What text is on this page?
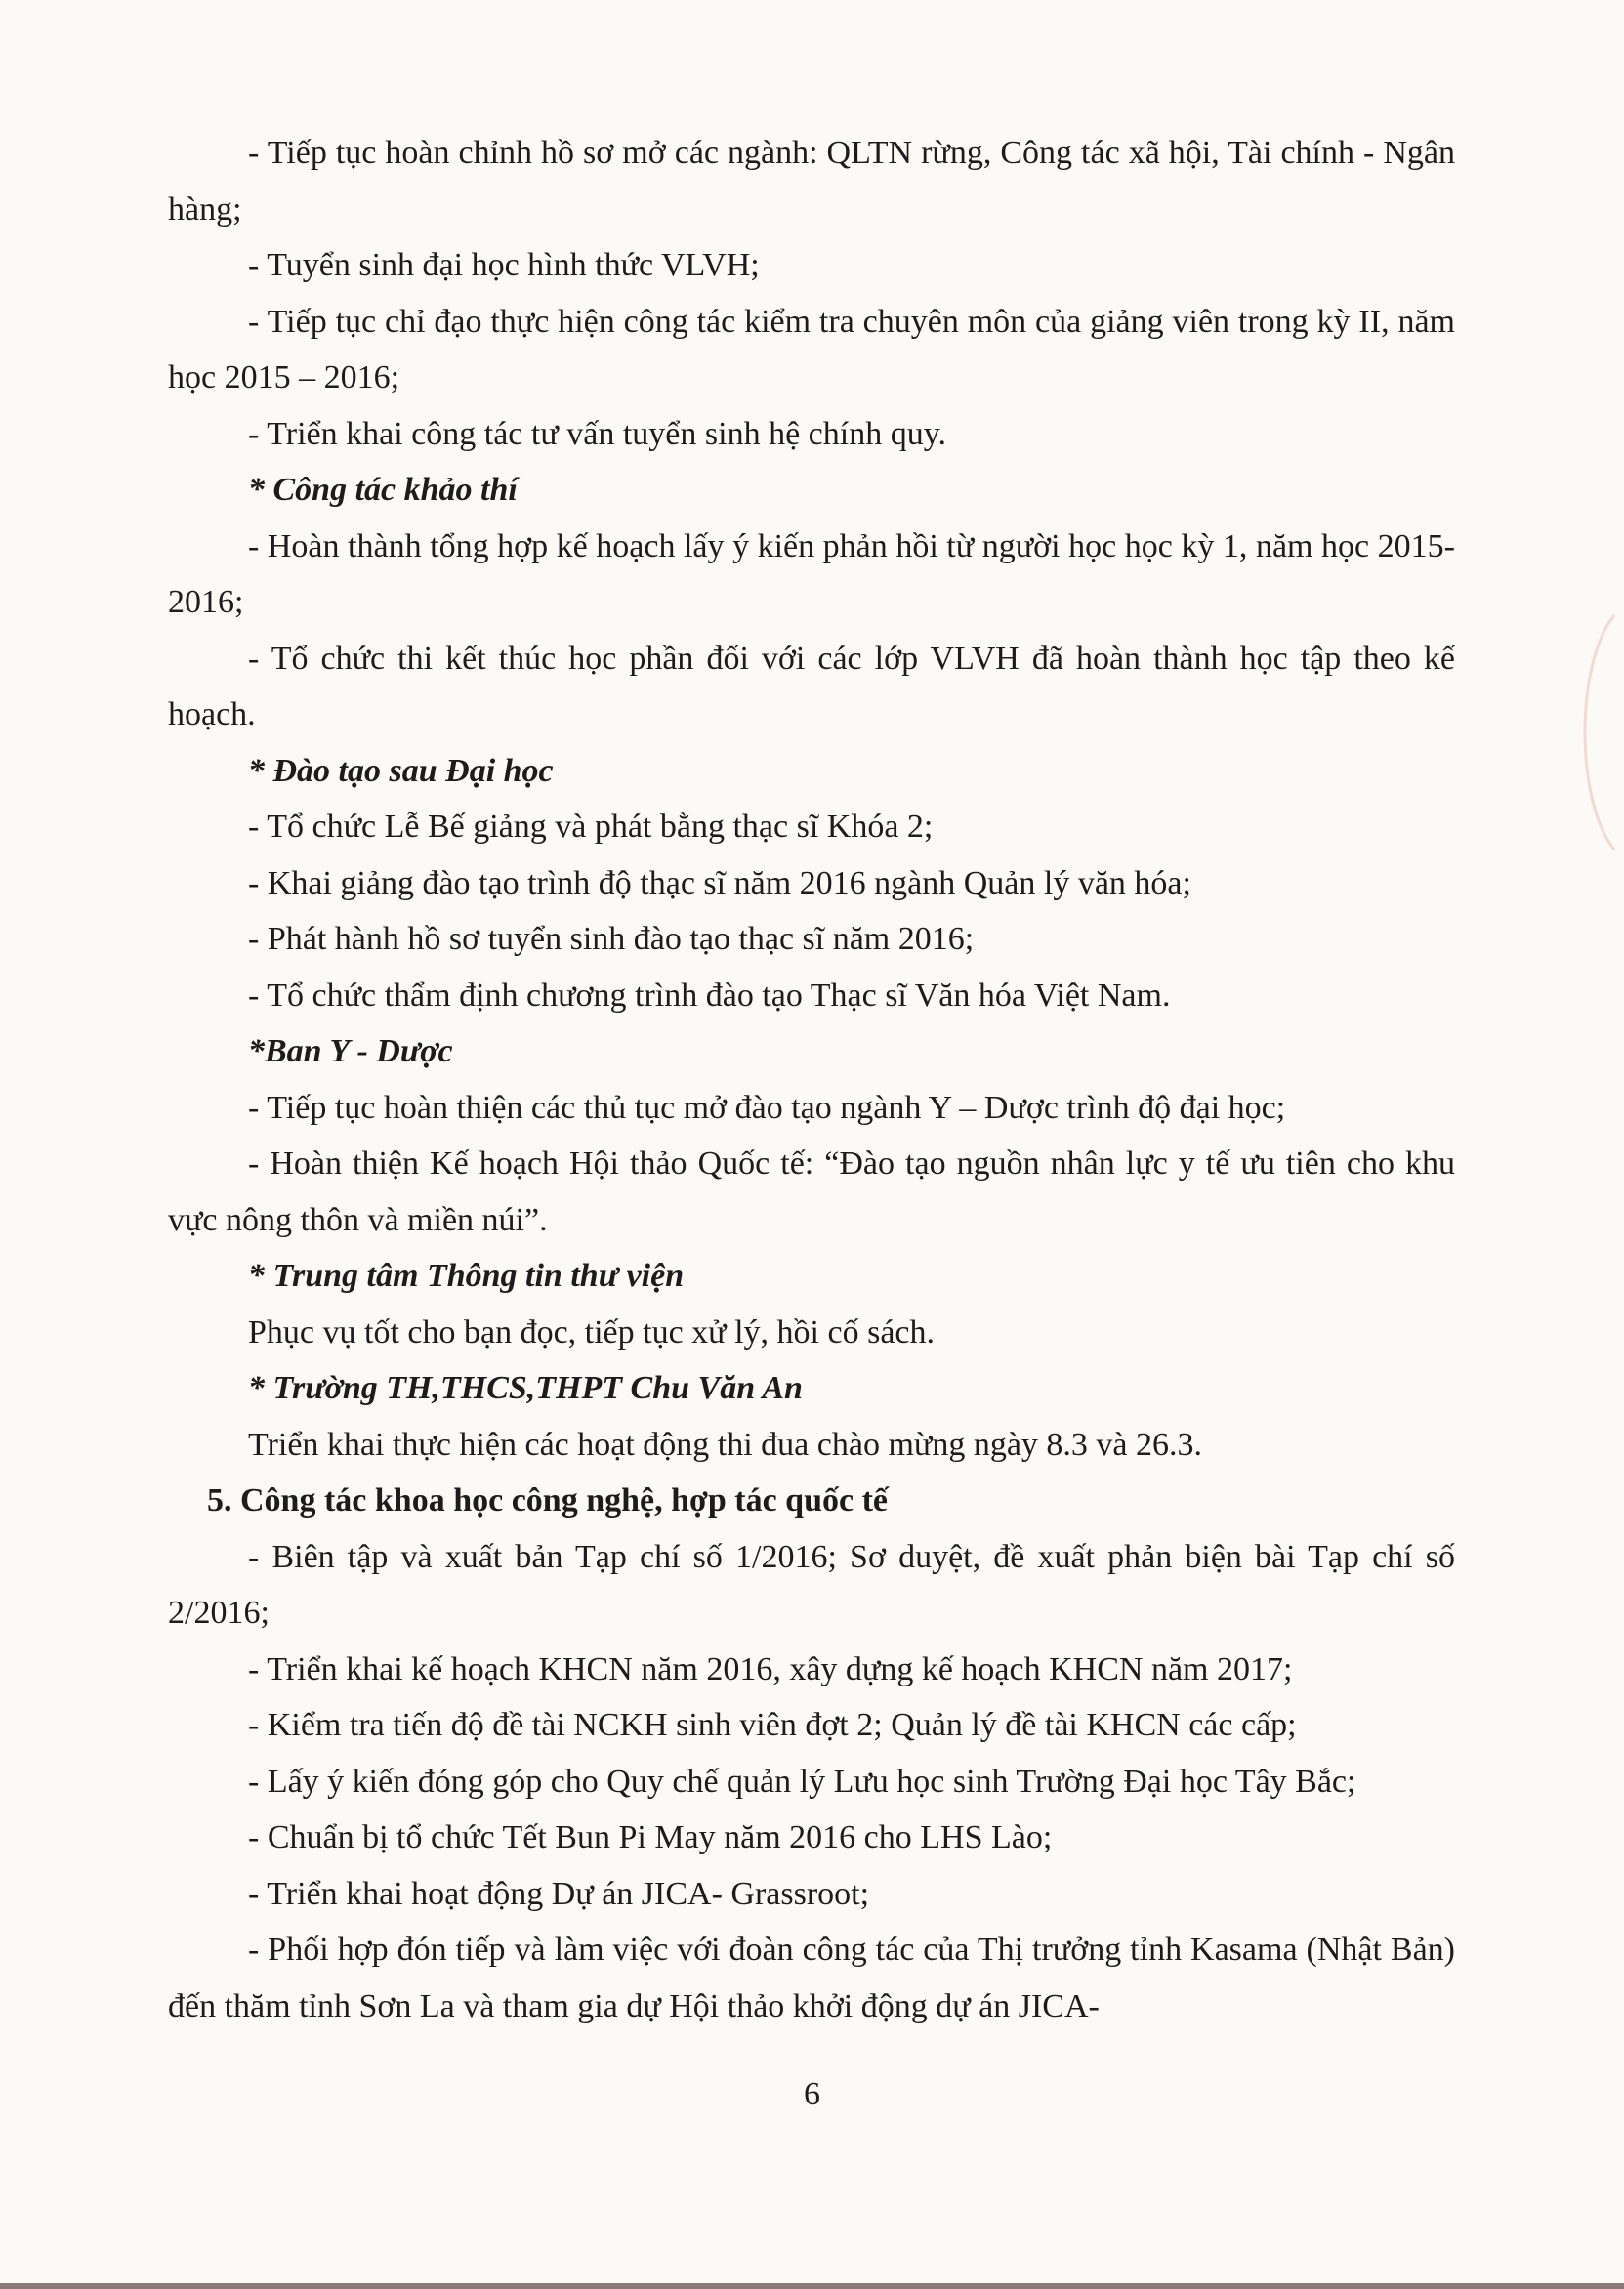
- Tiếp tục hoàn chỉnh hồ sơ mở các ngành: QLTN rừng, Công tác xã hội, Tài chính - Ngân hàng;

- Tuyển sinh đại học hình thức VLVH;

- Tiếp tục chỉ đạo thực hiện công tác kiểm tra chuyên môn của giảng viên trong kỳ II, năm học 2015 – 2016;

- Triển khai công tác tư vấn tuyển sinh hệ chính quy.

* Công tác khảo thí

- Hoàn thành tổng hợp kế hoạch lấy ý kiến phản hồi từ người học học kỳ 1, năm học 2015-2016;

- Tổ chức thi kết thúc học phần đối với các lớp VLVH đã hoàn thành học tập theo kế hoạch.

* Đào tạo sau Đại học

- Tổ chức Lễ Bế giảng và phát bằng thạc sĩ Khóa 2;

- Khai giảng đào tạo trình độ thạc sĩ năm 2016 ngành Quản lý văn hóa;

- Phát hành hồ sơ tuyển sinh đào tạo thạc sĩ năm 2016;

- Tổ chức thẩm định chương trình đào tạo Thạc sĩ Văn hóa Việt Nam.

*Ban Y - Dược

- Tiếp tục hoàn thiện các thủ tục mở đào tạo ngành Y – Dược trình độ đại học;

- Hoàn thiện Kế hoạch Hội thảo Quốc tế: “Đào tạo nguồn nhân lực y tế ưu tiên cho khu vực nông thôn và miền núi”.

* Trung tâm Thông tin thư viện

Phục vụ tốt cho bạn đọc, tiếp tục xử lý, hồi cố sách.

* Trường TH,THCS,THPT Chu Văn An

Triển khai thực hiện các hoạt động thi đua chào mừng ngày 8.3 và 26.3.

5. Công tác khoa học công nghệ, hợp tác quốc tế

- Biên tập và xuất bản Tạp chí số 1/2016; Sơ duyệt, đề xuất phản biện bài Tạp chí số 2/2016;

- Triển khai kế hoạch KHCN năm 2016, xây dựng kế hoạch KHCN năm 2017;

- Kiểm tra tiến độ đề tài NCKH sinh viên đợt 2; Quản lý đề tài KHCN các cấp;

- Lấy ý kiến đóng góp cho Quy chế quản lý Lưu học sinh Trường Đại học Tây Bắc;

- Chuẩn bị tổ chức Tết Bun Pi May năm 2016 cho LHS Lào;

- Triển khai hoạt động Dự án JICA- Grassroot;

- Phối hợp đón tiếp và làm việc với đoàn công tác của Thị trưởng tỉnh Kasama (Nhật Bản) đến thăm tỉnh Sơn La và tham gia dự Hội thảo khởi động dự án JICA-

6
